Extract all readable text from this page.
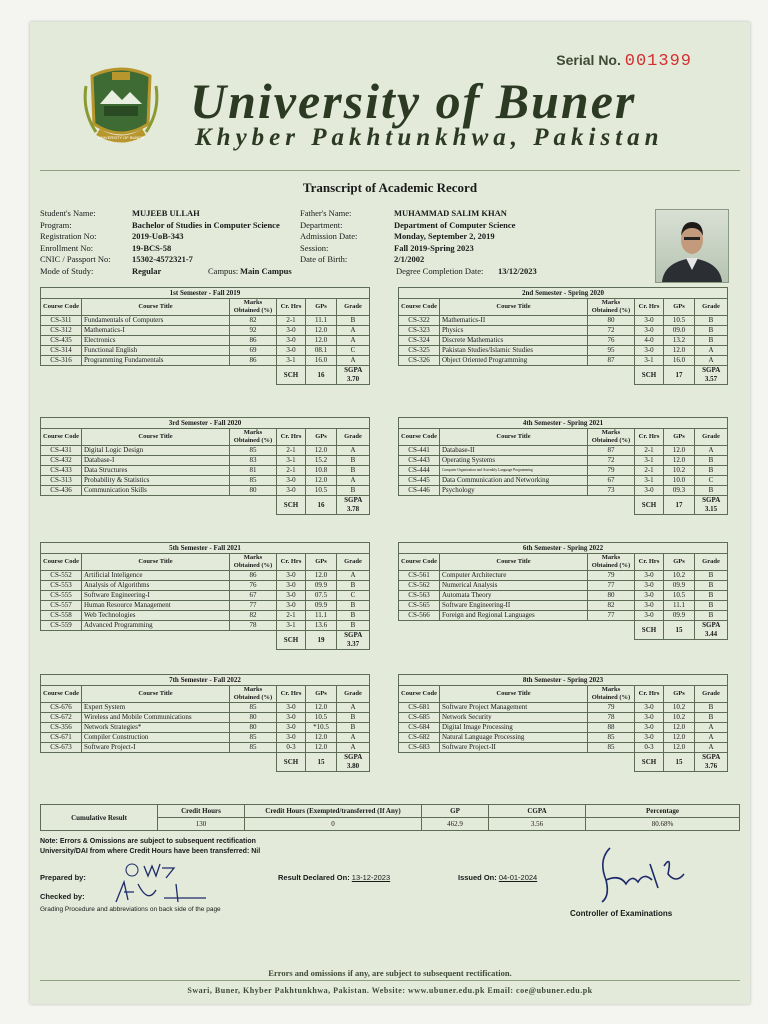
Serial No. 001399
UNIVERSITY OF BUNER
University of Buner
Khyber Pakhtunkhwa, Pakistan
Transcript of Academic Record
Student's Name:	MUJEEB ULLAH
Program:	Bachelor of Studies in Computer Science
Registration No:	2019-UoB-343
Enrollment No:	19-BCS-58
CNIC / Passport No:	15302-4572321-7
Mode of Study:	Regular	Campus: Main Campus
Father's Name:	MUHAMMAD SALIM KHAN
Department:	Department of Computer Science
Admission Date:	Monday, September 2, 2019
Session:	Fall 2019-Spring 2023
Date of Birth:	2/1/2002
Degree Completion Date: 13/12/2023
1st Semester - Fall 2019					
Course Code	Course Title	Marks Obtained (%)	Cr. Hrs	GPs	Grade
CS-311	Fundamentals of Computers	82	2-1	11.1	B
CS-312	Mathematics-I	92	3-0	12.0	A
CS-435	Electronics	86	3-0	12.0	A
CS-314	Functional English	69	3-0	08.1	C
CS-316	Programming Fundamentals	86	3-1	16.0	A
			SCH	16	SGPA 3.70
2nd Semester - Spring 2020					
Course Code	Course Title	Marks Obtained (%)	Cr. Hrs	GPs	Grade
CS-322	Mathematics-II	80	3-0	10.5	B
CS-323	Physics	72	3-0	09.0	B
CS-324	Discrete Mathematics	76	4-0	13.2	B
CS-325	Pakistan Studies/Islamic Studies	95	3-0	12.0	A
CS-326	Object Oriented Programming	87	3-1	16.0	A
			SCH	17	SGPA 3.57
3rd Semester - Fall 2020					
Course Code	Course Title	Marks Obtained (%)	Cr. Hrs	GPs	Grade
CS-431	Digital Logic Design	85	2-1	12.0	A
CS-432	Database-I	83	3-1	15.2	B
CS-433	Data Structures	81	2-1	10.8	B
CS-313	Probability & Statistics	85	3-0	12.0	A
CS-436	Communication Skills	80	3-0	10.5	B
			SCH	16	SGPA 3.78
4th Semester - Spring 2021					
Course Code	Course Title	Marks Obtained (%)	Cr. Hrs	GPs	Grade
CS-441	Database-II	87	2-1	12.0	A
CS-443	Operating Systems	72	3-1	12.0	B
CS-444	Computer Organization and Assembly Language Programming	79	2-1	10.2	B
CS-445	Data Communication and Networking	67	3-1	10.0	C
CS-446	Psychology	73	3-0	09.3	B
			SCH	17	SGPA 3.15
5th Semester - Fall 2021					
Course Code	Course Title	Marks Obtained (%)	Cr. Hrs	GPs	Grade
CS-552	Artificial Inteligence	86	3-0	12.0	A
CS-553	Analysis of Algorithms	76	3-0	09.9	B
CS-555	Software Engineering-I	67	3-0	07.5	C
CS-557	Human Resource Management	77	3-0	09.9	B
CS-558	Web Technologies	82	2-1	11.1	B
CS-559	Advanced Programming	78	3-1	13.6	B
			SCH	19	SGPA 3.37
6th Semester - Spring 2022					
Course Code	Course Title	Marks Obtained (%)	Cr. Hrs	GPs	Grade
CS-561	Computer Architecture	79	3-0	10.2	B
CS-562	Numerical Analysis	77	3-0	09.9	B
CS-563	Automata Theory	80	3-0	10.5	B
CS-565	Software Engineering-II	82	3-0	11.1	B
CS-566	Foreign and Regional Languages	77	3-0	09.9	B
			SCH	15	SGPA 3.44
7th Semester - Fall 2022					
Course Code	Course Title	Marks Obtained (%)	Cr. Hrs	GPs	Grade
CS-676	Expert System	85	3-0	12.0	A
CS-672	Wireless and Mobile Communications	80	3-0	10.5	B
CS-356	Network Strategies*	80	3-0	*10.5	B
CS-671	Compiler Construction	85	3-0	12.0	A
CS-673	Software Project-I	85	0-3	12.0	A
			SCH	15	SGPA 3.80
8th Semester - Spring 2023					
Course Code	Course Title	Marks Obtained (%)	Cr. Hrs	GPs	Grade
CS-681	Software Project Management	79	3-0	10.2	B
CS-685	Network Security	78	3-0	10.2	B
CS-684	Digital Image Processing	88	3-0	12.0	A
CS-682	Natural Language Processing	85	3-0	12.0	A
CS-683	Software Project-II	85	0-3	12.0	A
			SCH	15	SGPA 3.76
Cumulative Result	Credit Hours	Credit Hours (Exempted/transferred (If Any)	GP	CGPA	Percentage
	130	0	462.9	3.56	80.68%
Note: Errors & Omissions are subject to subsequent rectification
University/DAI from where Credit Hours have been transferred: Nil
Prepared by:
Checked by:
Grading Procedure and abbreviations on back side of the page
Result Declared On: 13-12-2023	Issued On: 04-01-2024
Controller of Examinations
Errors and omissions if any, are subject to subsequent rectification.
Swari, Buner, Khyber Pakhtunkhwa, Pakistan. Website: www.ubuner.edu.pk Email: coe@ubuner.edu.pk
